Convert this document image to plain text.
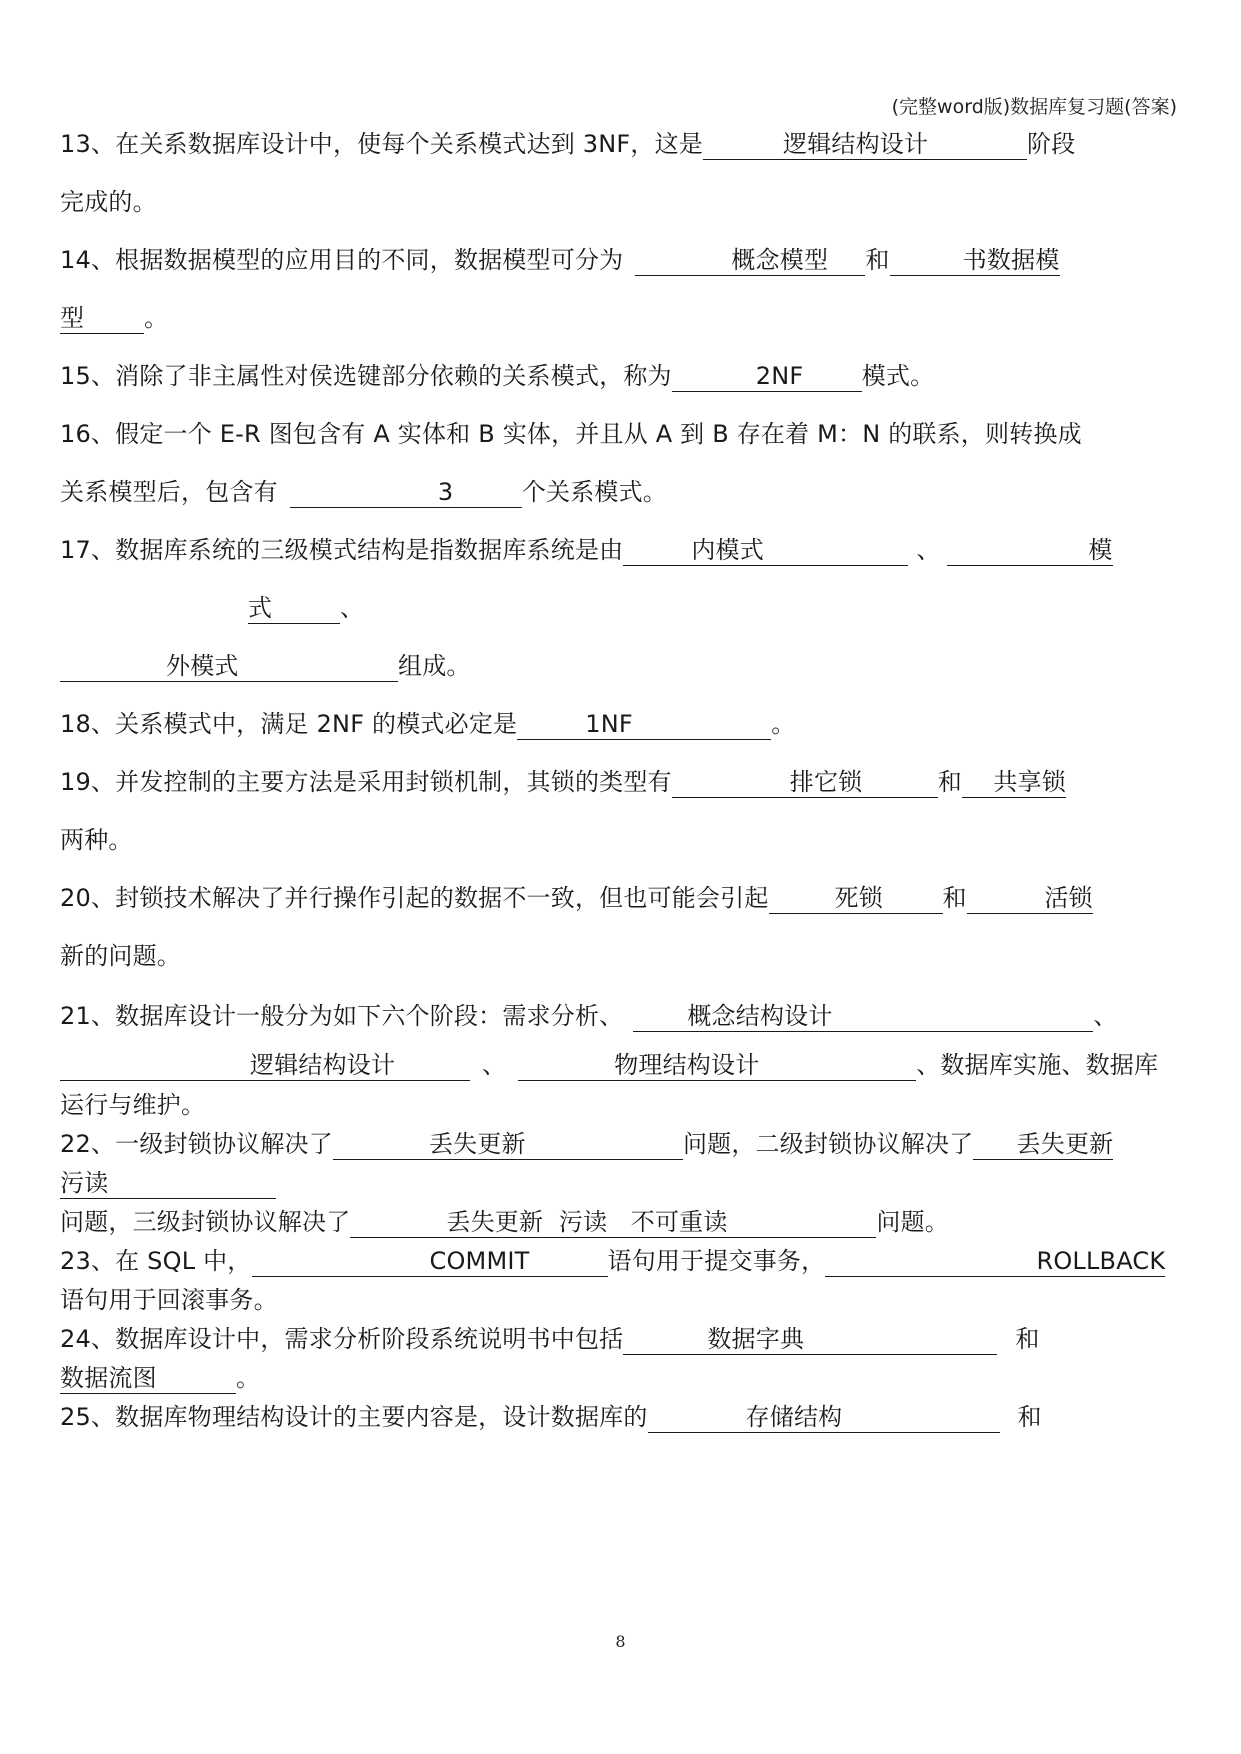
(完整word版)数据库复习题(答案)
13、在关系数据库设计中，使每个关系模式达到 3NF，这是	逻辑结构设计	阶段
完成的。
14、根据数据模型的应用目的不同，数据模型可分为	概念模型 和	书数据模
型 。
15、消除了非主属性对侯选键部分依赖的关系模式，称为	2NF 模式。
16、假定一个 E-R 图包含有 A 实体和 B 实体，并且从 A 到 B 存在着 M：N 的联系，则转换成
关系模型后，包含有	3	个关系模式。
17、数据库系统的三级模式结构是指数据库系统是由	内模式	、	模
式	、
外模式	组成。
18、关系模式中，满足 2NF 的模式必定是	1NF	。
19、并发控制的主要方法是采用封锁机制，其锁的类型有	排它锁	和 共享锁
两种。
20、封锁技术解决了并行操作引起的数据不一致，但也可能会引起	死锁 和	活锁
新的问题。
21、数据库设计一般分为如下六个阶段：需求分析、	概念结构设计	、
逻辑结构设计	、	物理结构设计	、数据库实施、数据库
运行与维护。
22、一级封锁协议解决了	丢失更新	问题，二级封锁协议解决了 丢失更新
污读
问题，三级封锁协议解决了	丢失更新  污读   不可重读	问题。
23、在 SQL 中，	COMMIT	语句用于提交事务，	ROLLBACK
语句用于回滚事务。
24、数据库设计中，需求分析阶段系统说明书中包括	数据字典	和
数据流图	。
25、数据库物理结构设计的主要内容是，设计数据库的	存储结构	和
8
